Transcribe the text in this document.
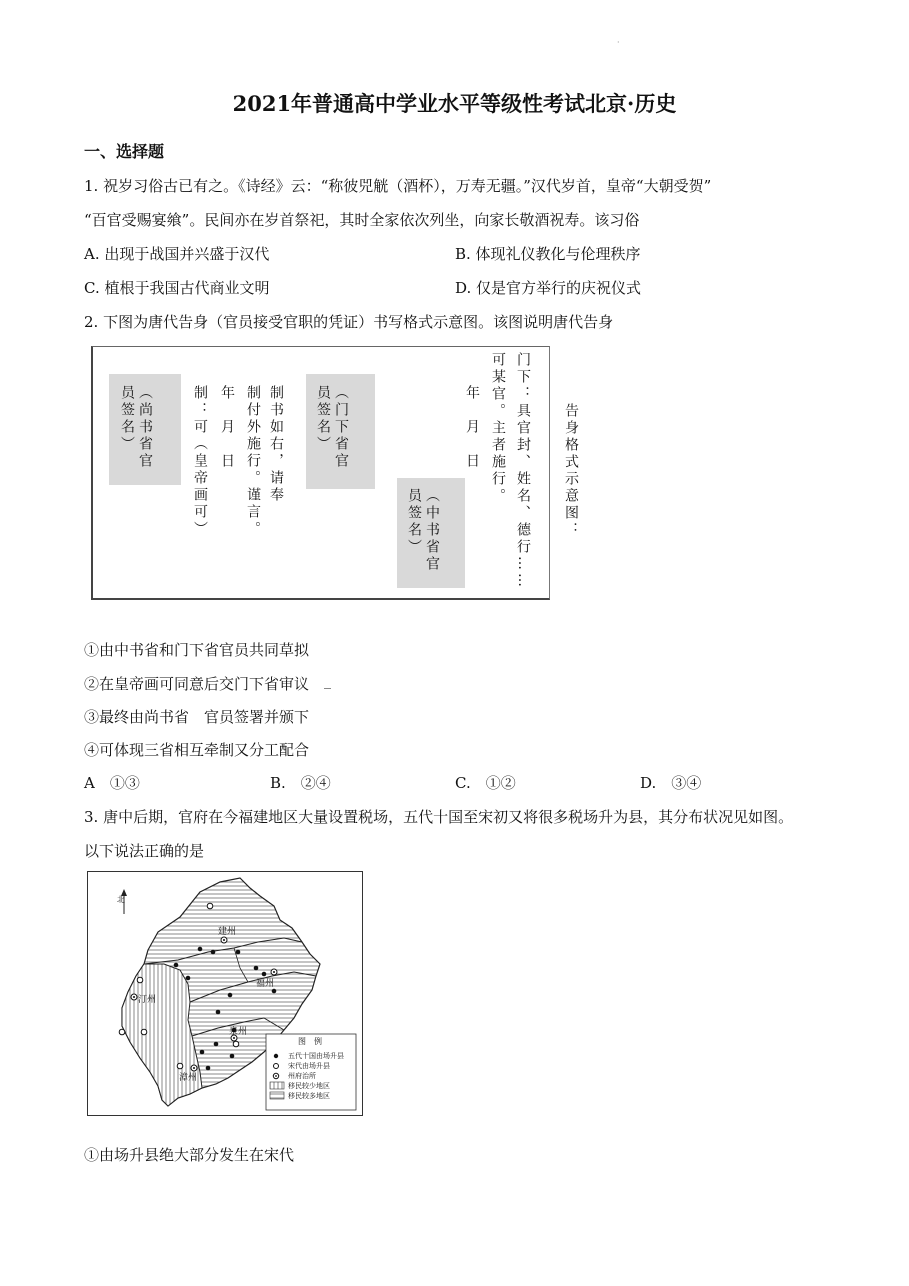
·
2021年普通高中学业水平等级性考试北京·历史
一、选择题
1. 祝岁习俗古已有之。《诗经》云：“称彼兕觥（酒杯），万寿无疆。”汉代岁首，皇帝“大朝受贺”
“百官受赐宴飨”。民间亦在岁首祭祀，其时全家依次列坐，向家长敬酒祝寿。该习俗
A. 出现于战国并兴盛于汉代	B. 体现礼仪教化与伦理秩序
C. 植根于我国古代商业文明	D. 仅是官方举行的庆祝仪式
2. 下图为唐代告身（官员接受官职的凭证）书写格式示意图。该图说明唐代告身
（尚书省官员签名）	制：可（皇帝画可） 年　月　日 制付外施行。谨言。 制书如右，请奉	（门下省官员签名）
（中书省官员签名）
年　月　日 可某官。主者施行。 门下：具官封、姓名、德行…… 告身格式示意图：
①由中书省和门下省官员共同草拟
②在皇帝画可同意后交门下省审议
③最终由尚书省　官员签署并颁下
④可体现三省相互牵制又分工配合
A　①③	B.　②④	C.　①②	D.　③④
3. 唐中后期，官府在今福建地区大量设置税场，五代十国至宋初又将很多税场升为县，其分布状况见如图。
以下说法正确的是
北
建州
汀州
福州
泉州
漳州
图　例
五代十国由场升县
宋代由场升县
州府治所
移民较少地区
移民较多地区
①由场升县绝大部分发生在宋代
